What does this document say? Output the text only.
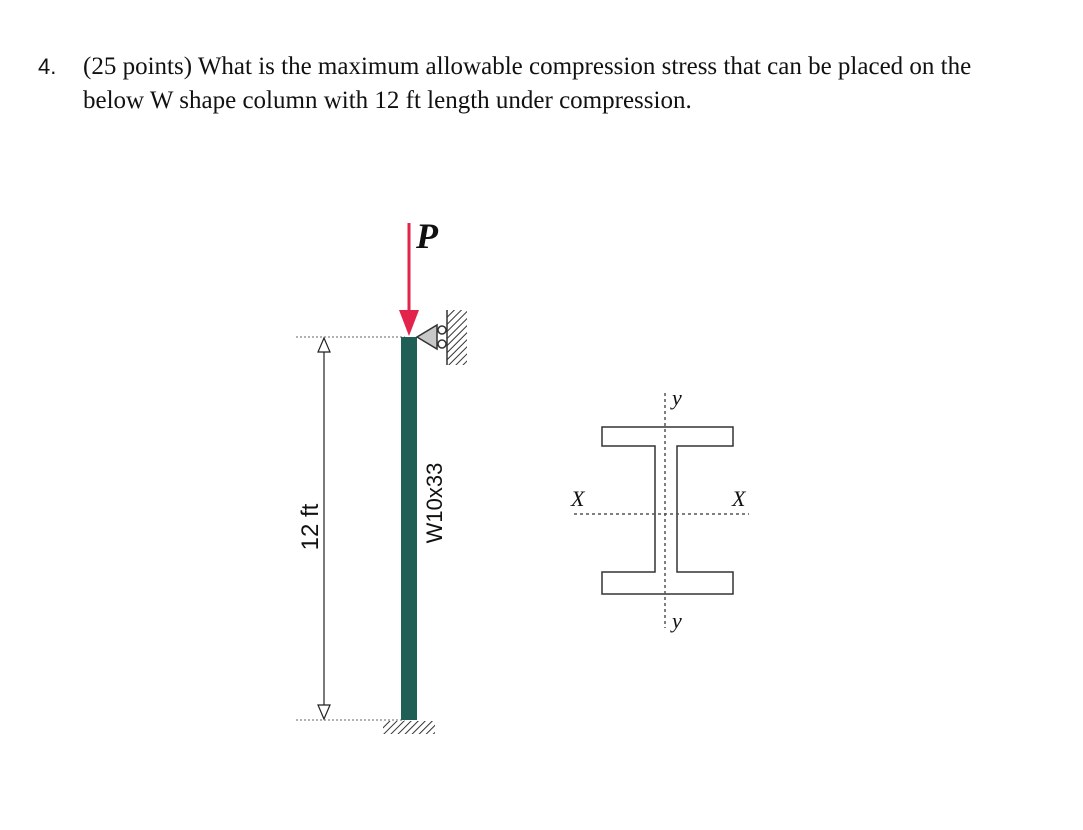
4.	(25 points) What is the maximum allowable compression stress that can be placed on the
below W shape column with 12 ft length under compression.
12 ft	W10x33
P
X	X
y
y
